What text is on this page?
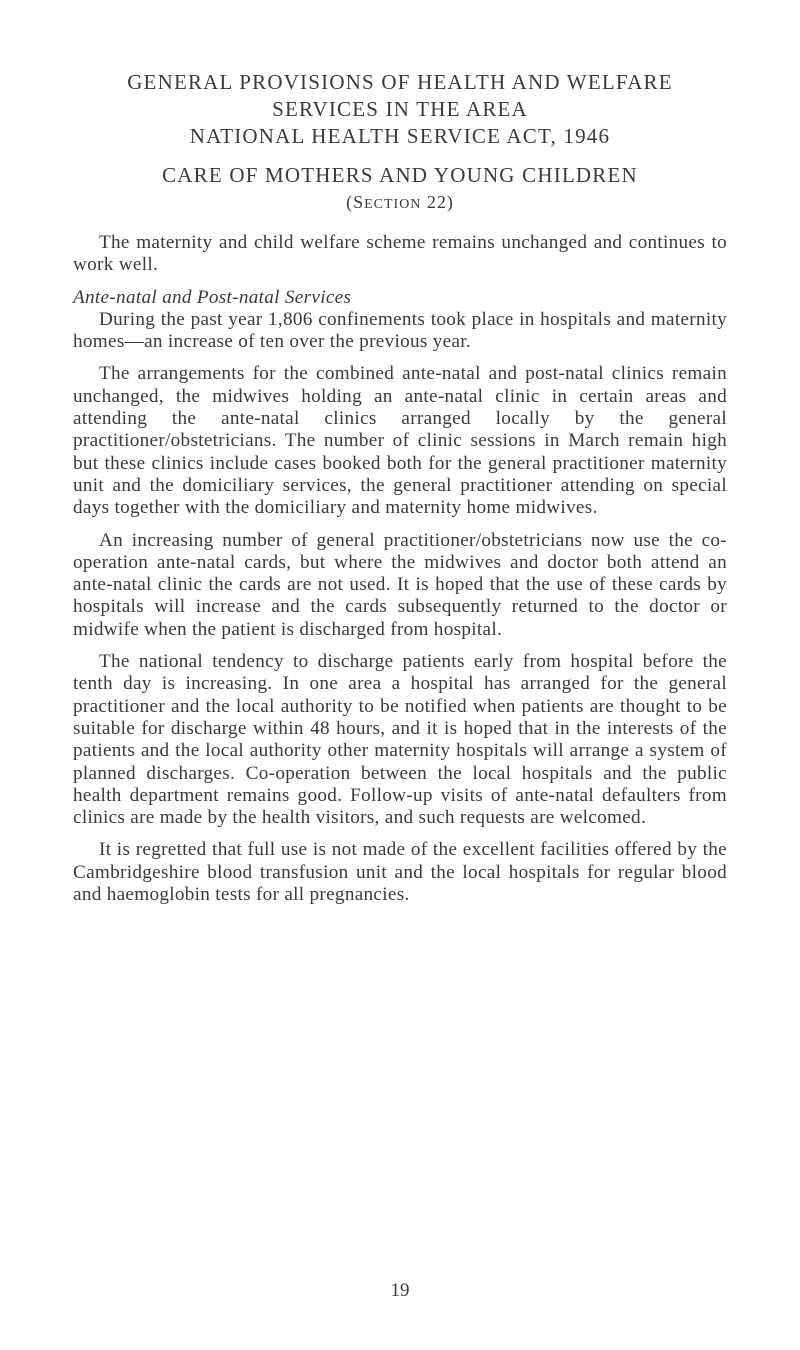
GENERAL PROVISIONS OF HEALTH AND WELFARE
SERVICES IN THE AREA
NATIONAL HEALTH SERVICE ACT, 1946
CARE OF MOTHERS AND YOUNG CHILDREN
(SECTION 22)

The maternity and child welfare scheme remains unchanged and continues to work well.

Ante-natal and Post-natal Services

During the past year 1,806 confinements took place in hospitals and maternity homes—an increase of ten over the previous year.

The arrangements for the combined ante-natal and post-natal clinics remain unchanged, the midwives holding an ante-natal clinic in certain areas and attending the ante-natal clinics arranged locally by the general practitioner/obstetricians. The number of clinic sessions in March remain high but these clinics include cases booked both for the general practitioner maternity unit and the domiciliary services, the general practitioner attending on special days together with the domiciliary and maternity home midwives.

An increasing number of general practitioner/obstetricians now use the co-operation ante-natal cards, but where the midwives and doctor both attend an ante-natal clinic the cards are not used. It is hoped that the use of these cards by hospitals will increase and the cards subsequently returned to the doctor or midwife when the patient is discharged from hospital.

The national tendency to discharge patients early from hospital before the tenth day is increasing. In one area a hospital has arranged for the general practitioner and the local authority to be notified when patients are thought to be suitable for discharge within 48 hours, and it is hoped that in the interests of the patients and the local authority other maternity hospitals will arrange a system of planned discharges. Co-operation between the local hospitals and the public health department remains good. Follow-up visits of ante-natal defaulters from clinics are made by the health visitors, and such requests are welcomed.

It is regretted that full use is not made of the excellent facilities offered by the Cambridgeshire blood transfusion unit and the local hospitals for regular blood and haemoglobin tests for all pregnancies.

19
